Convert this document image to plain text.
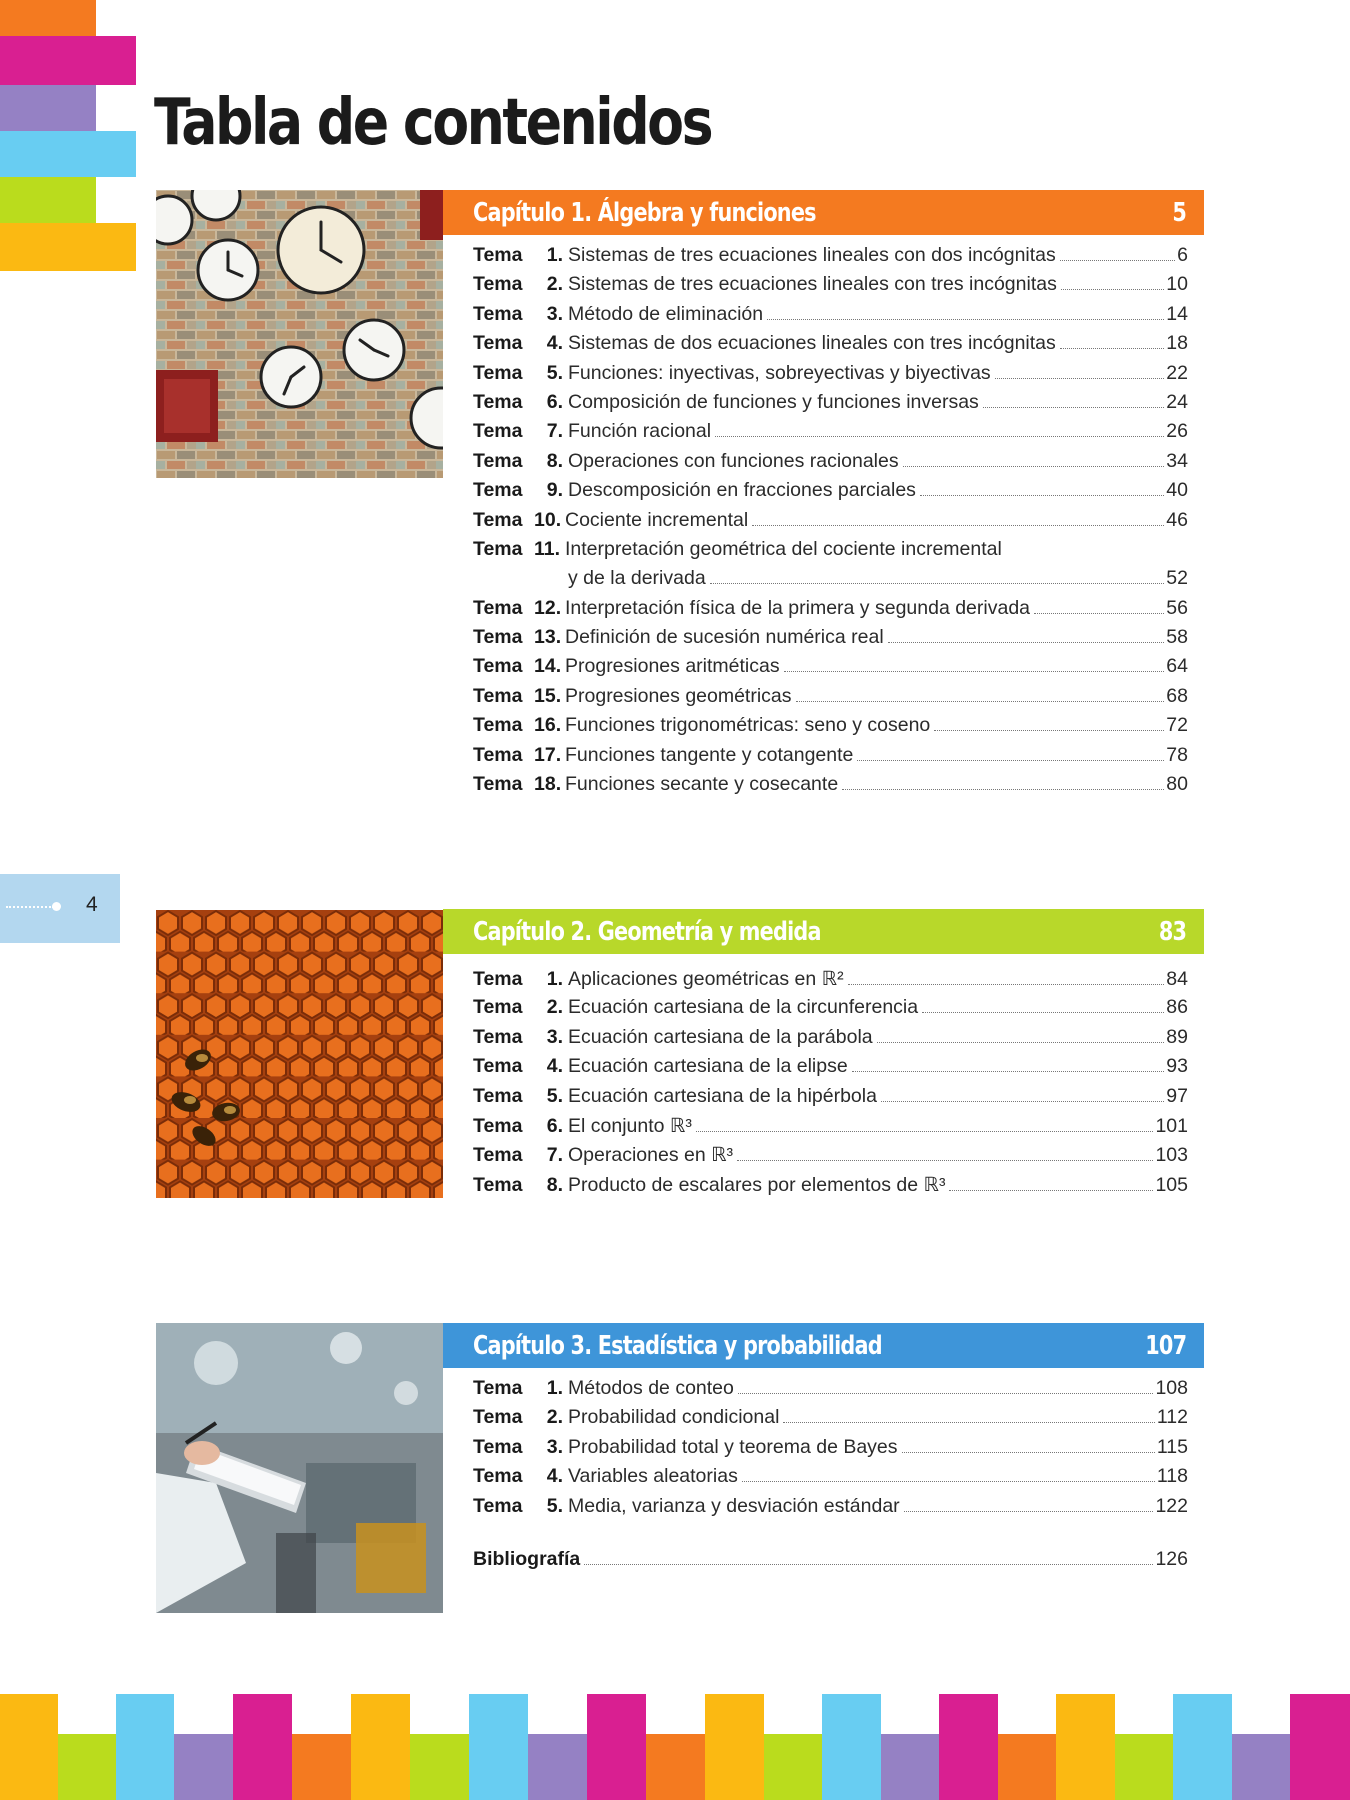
Tabla de contenidos
Capítulo 1. Álgebra y funciones	5
Tema	1. Sistemas de tres ecuaciones lineales con dos incógnitas	6
Tema	2. Sistemas de tres ecuaciones lineales con tres incógnitas	10
Tema	3. Método de eliminación	14
Tema	4. Sistemas de dos ecuaciones lineales con tres incógnitas	18
Tema	5. Funciones: inyectivas, sobreyectivas y biyectivas	22
Tema	6. Composición de funciones y funciones inversas	24
Tema	7. Función racional	26
Tema	8. Operaciones con funciones racionales	34
Tema	9. Descomposición en fracciones parciales	40
Tema 10. Cociente incremental	46
Tema 11. Interpretación geométrica del cociente incremental
y de la derivada	52
Tema 12. Interpretación física de la primera y segunda derivada	56
Tema 13. Definición de sucesión numérica real	58
Tema 14. Progresiones aritméticas	64
Tema 15. Progresiones geométricas	68
Tema 16. Funciones trigonométricas: seno y coseno	72
Tema 17. Funciones tangente y cotangente	78
Tema 18. Funciones secante y cosecante	80
4
Capítulo 2. Geometría y medida	83
Tema	1. Aplicaciones geométricas en ℝ²	84
Tema	2. Ecuación cartesiana de la circunferencia	86
Tema	3. Ecuación cartesiana de la parábola	89
Tema	4. Ecuación cartesiana de la elipse	93
Tema	5. Ecuación cartesiana de la hipérbola	97
Tema	6. El conjunto ℝ³	101
Tema	7. Operaciones en ℝ³	103
Tema	8. Producto de escalares por elementos de ℝ³	105
Capítulo 3. Estadística y probabilidad	107
Tema	1. Métodos de conteo	108
Tema	2. Probabilidad condicional	112
Tema	3. Probabilidad total y teorema de Bayes	115
Tema	4. Variables aleatorias	118
Tema	5. Media, varianza y desviación estándar	122
Bibliografía	126
